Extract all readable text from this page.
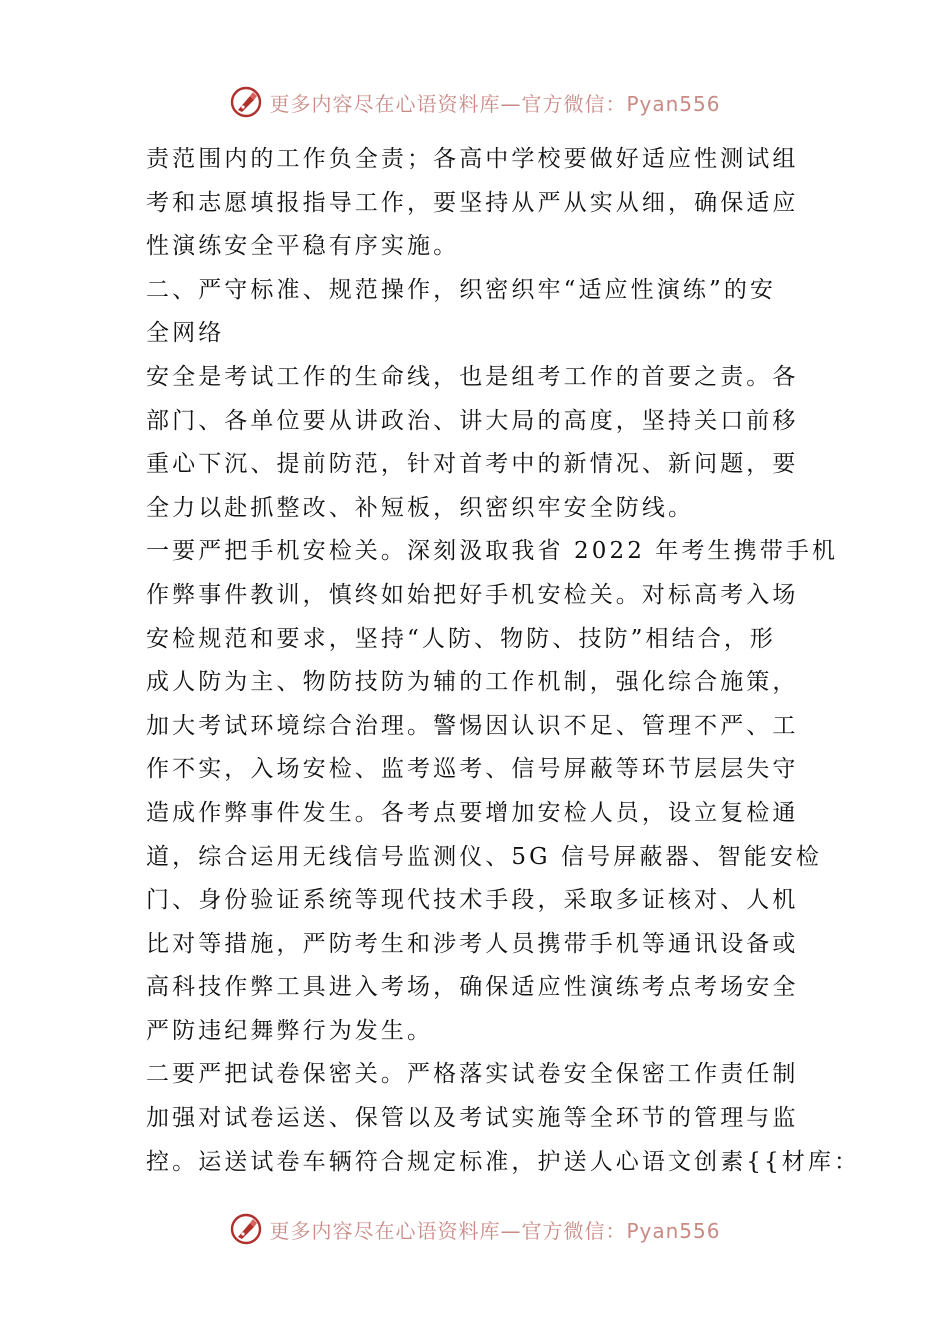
更多内容尽在心语资料库—官方微信：Pyan556
责范围内的工作负全责；各高中学校要做好适应性测试组
考和志愿填报指导工作，要坚持从严从实从细，确保适应
性演练安全平稳有序实施。
二、严守标准、规范操作，织密织牢“适应性演练”的安
全网络
安全是考试工作的生命线，也是组考工作的首要之责。各
部门、各单位要从讲政治、讲大局的高度，坚持关口前移
重心下沉、提前防范，针对首考中的新情况、新问题，要
全力以赴抓整改、补短板，织密织牢安全防线。
一要严把手机安检关。深刻汲取我省 2022 年考生携带手机
作弊事件教训，慎终如始把好手机安检关。对标高考入场
安检规范和要求，坚持“人防、物防、技防”相结合，形
成人防为主、物防技防为辅的工作机制，强化综合施策，
加大考试环境综合治理。警惕因认识不足、管理不严、工
作不实，入场安检、监考巡考、信号屏蔽等环节层层失守
造成作弊事件发生。各考点要增加安检人员，设立复检通
道，综合运用无线信号监测仪、5G 信号屏蔽器、智能安检
门、身份验证系统等现代技术手段，采取多证核对、人机
比对等措施，严防考生和涉考人员携带手机等通讯设备或
高科技作弊工具进入考场，确保适应性演练考点考场安全
严防违纪舞弊行为发生。
二要严把试卷保密关。严格落实试卷安全保密工作责任制
加强对试卷运送、保管以及考试实施等全环节的管理与监
控。运送试卷车辆符合规定标准，护送人心语文创素{{材库：
更多内容尽在心语资料库—官方微信：Pyan556
